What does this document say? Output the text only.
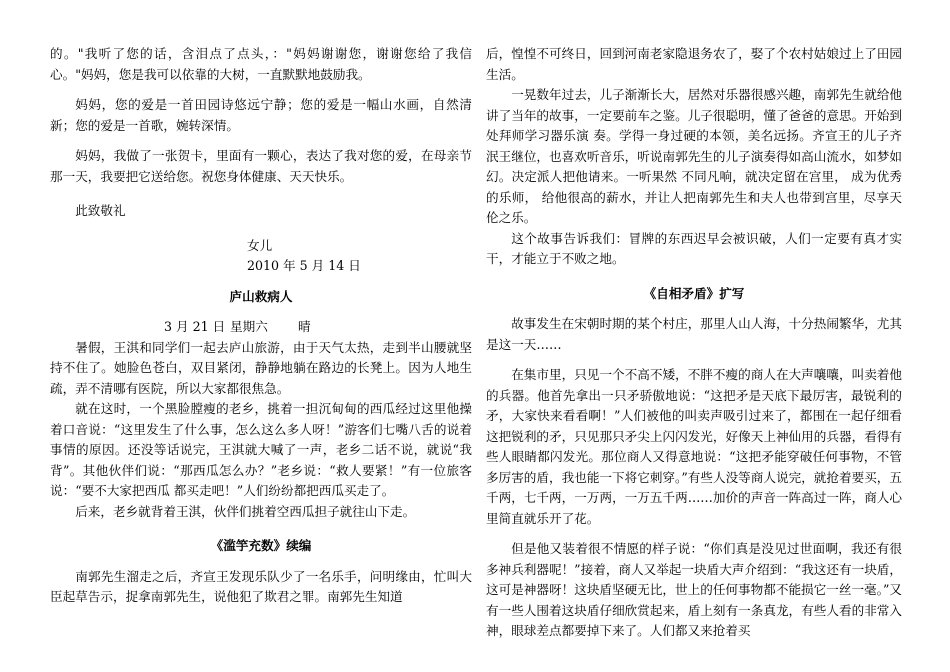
的。"我听了您的话，含泪点了点头，："妈妈谢谢您，谢谢您给了我信心。"妈妈，您是我可以依靠的大树，一直默默地鼓励我。

妈妈，您的爱是一首田园诗悠远宁静；您的爱是一幅山水画，自然清新；您的爱是一首歌，婉转深情。

妈妈，我做了一张贺卡，里面有一颗心，表达了我对您的爱，在母亲节那一天，我要把它送给您。祝您身体健康、天天快乐。

此致敬礼

女儿

2010 年 5 月 14 日

庐山救病人

3 月 21 日 星期六 晴

暑假，王淇和同学们一起去庐山旅游，由于天气太热，走到半山腰就坚持不住了。她脸色苍白，双目紧闭，静静地躺在路边的长凳上。因为人地生疏，弄不清哪有医院，所以大家都很焦急。

就在这时，一个黑脸膛瘦的老乡，挑着一担沉甸甸的西瓜经过这里他操着口音说：“这里发生了什么事，怎么这么多人呀！”游客们七嘴八舌的说着事情的原因。还没等话说完，王淇就大喊了一声，老乡二话不说，就说“我背”。其他伙伴们说：“那西瓜怎么办？”老乡说：“救人要紧！”有一位旅客说：“要不大家把西瓜 都买走吧！”人们纷纷都把西瓜买走了。

后来，老乡就背着王淇，伙伴们挑着空西瓜担子就往山下走。

《滥竽充数》续编

南郭先生溜走之后，齐宣王发现乐队少了一名乐手，问明缘由，忙叫大臣起草告示，捉拿南郭先生，说他犯了欺君之罪。南郭先生知道

后，惶惶不可终日，回到河南老家隐退务农了，娶了个农村姑娘过上了田园生活。

一晃数年过去，儿子渐渐长大，居然对乐器很感兴趣，南郭先生就给他讲了当年的故事，一定要前车之鉴。儿子很聪明，懂了爸爸的意思。开始到处拜师学习器乐演 奏。学得一身过硬的本领，美名远扬。齐宣王的儿子齐泯王继位，也喜欢听音乐，听说南郭先生的儿子演奏得如高山流水，如梦如幻。决定派人把他请来。一听果然 不同凡响，就决定留在宫里， 成为优秀的乐师， 给他很高的薪水，并让人把南郭先生和夫人也带到宫里，尽享天伦之乐。

这个故事告诉我们：冒牌的东西迟早会被识破，人们一定要有真才实干，才能立于不败之地。

《自相矛盾》扩写

故事发生在宋朝时期的某个村庄，那里人山人海，十分热闹繁华，尤其是这一天……

在集市里，只见一个不高不矮，不胖不瘦的商人在大声嚷嚷，叫卖着他的兵器。他首先拿出一只矛骄傲地说：“这把矛是天底下最厉害，最锐利的矛，大家快来看看啊！”人们被他的叫卖声吸引过来了，都围在一起仔细看这把锐利的矛，只见那只矛尖上闪闪发光，好像天上神仙用的兵器，看得有些人眼睛都闪发光。那位商人又得意地说：“这把矛能穿破任何事物，不管多厉害的盾，我也能一下将它刺穿。”有些人没等商人说完，就抢着要买，五千两，七千两，一万两，一万五千两……加价的声音一阵高过一阵，商人心里简直就乐开了花。

但是他又装着很不情愿的样子说：“你们真是没见过世面啊，我还有很多神兵利器呢！”接着，商人又举起一块盾大声介绍到：“我这还有一块盾，这可是神器呀！这块盾坚硬无比，世上的任何事物都不能损它一丝一毫。”又有一些人围着这块盾仔细欣赏起来，盾上刻有一条真龙，有些人看的非常入神，眼球差点都要掉下来了。人们都又来抢着买
